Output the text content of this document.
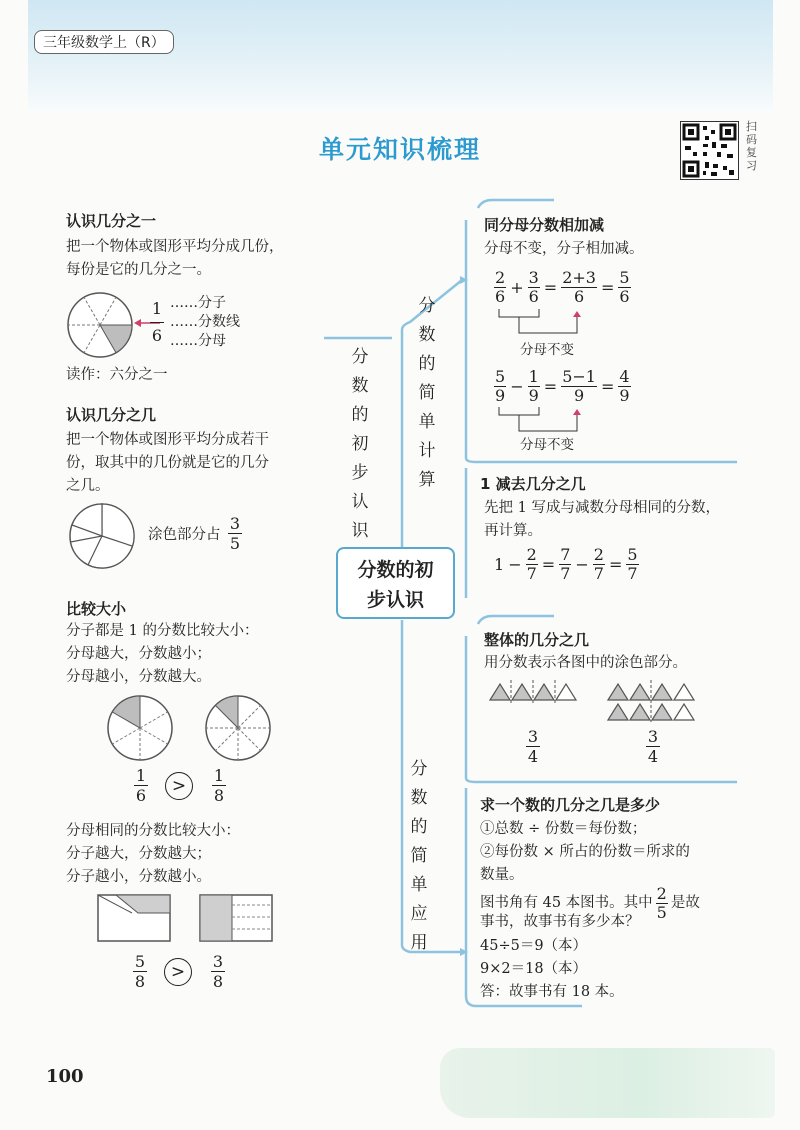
三年级数学上（R）
单元知识梳理
扫码复习
认识几分之一
把一个物体或图形平均分成几份，
每份是它的几分之一。
$\frac{1}{6}$ ……分子
……分数线
……分母
读作：六分之一
认识几分之几
把一个物体或图形平均分成若干
份，取其中的几份就是它的几分
之几。
涂色部分占 $\frac{3}{5}$
比较大小
分子都是 1 的分数比较大小：
分母越大，分数越小；
分母越小，分数越大。
$\frac{1}{6}$	>	$\frac{1}{8}$
分母相同的分数比较大小：
分子越大，分数越大；
分子越小，分数越小。
$\frac{5}{8}$	>	$\frac{3}{8}$
分
数
的
初
步
认
识
分
数
的
简
单
计
算
分数的初
步认识
分
数
的
简
单
应
用
同分母分数相加减
分母不变，分子相加减。
$\frac{2}{6} + \frac{3}{6} = \frac{2+3}{6} = \frac{5}{6}$
分母不变
$\frac{5}{9} - \frac{1}{9} = \frac{5-1}{9} = \frac{4}{9}$
分母不变
1 减去几分之几
先把 1 写成与减数分母相同的分数，
再计算。
$1 - \frac{2}{7} = \frac{7}{7} - \frac{2}{7} = \frac{5}{7}$
整体的几分之几
用分数表示各图中的涂色部分。
$\frac{3}{4}$	$\frac{3}{4}$
求一个数的几分之几是多少
①总数 ÷ 份数＝每份数；
②每份数 × 所占的份数＝所求的
数量。
图书角有 45 本图书。其中 $\frac{2}{5}$ 是故
事书，故事书有多少本？
45÷5＝9（本）
9×2＝18（本）
答：故事书有 18 本。
100
